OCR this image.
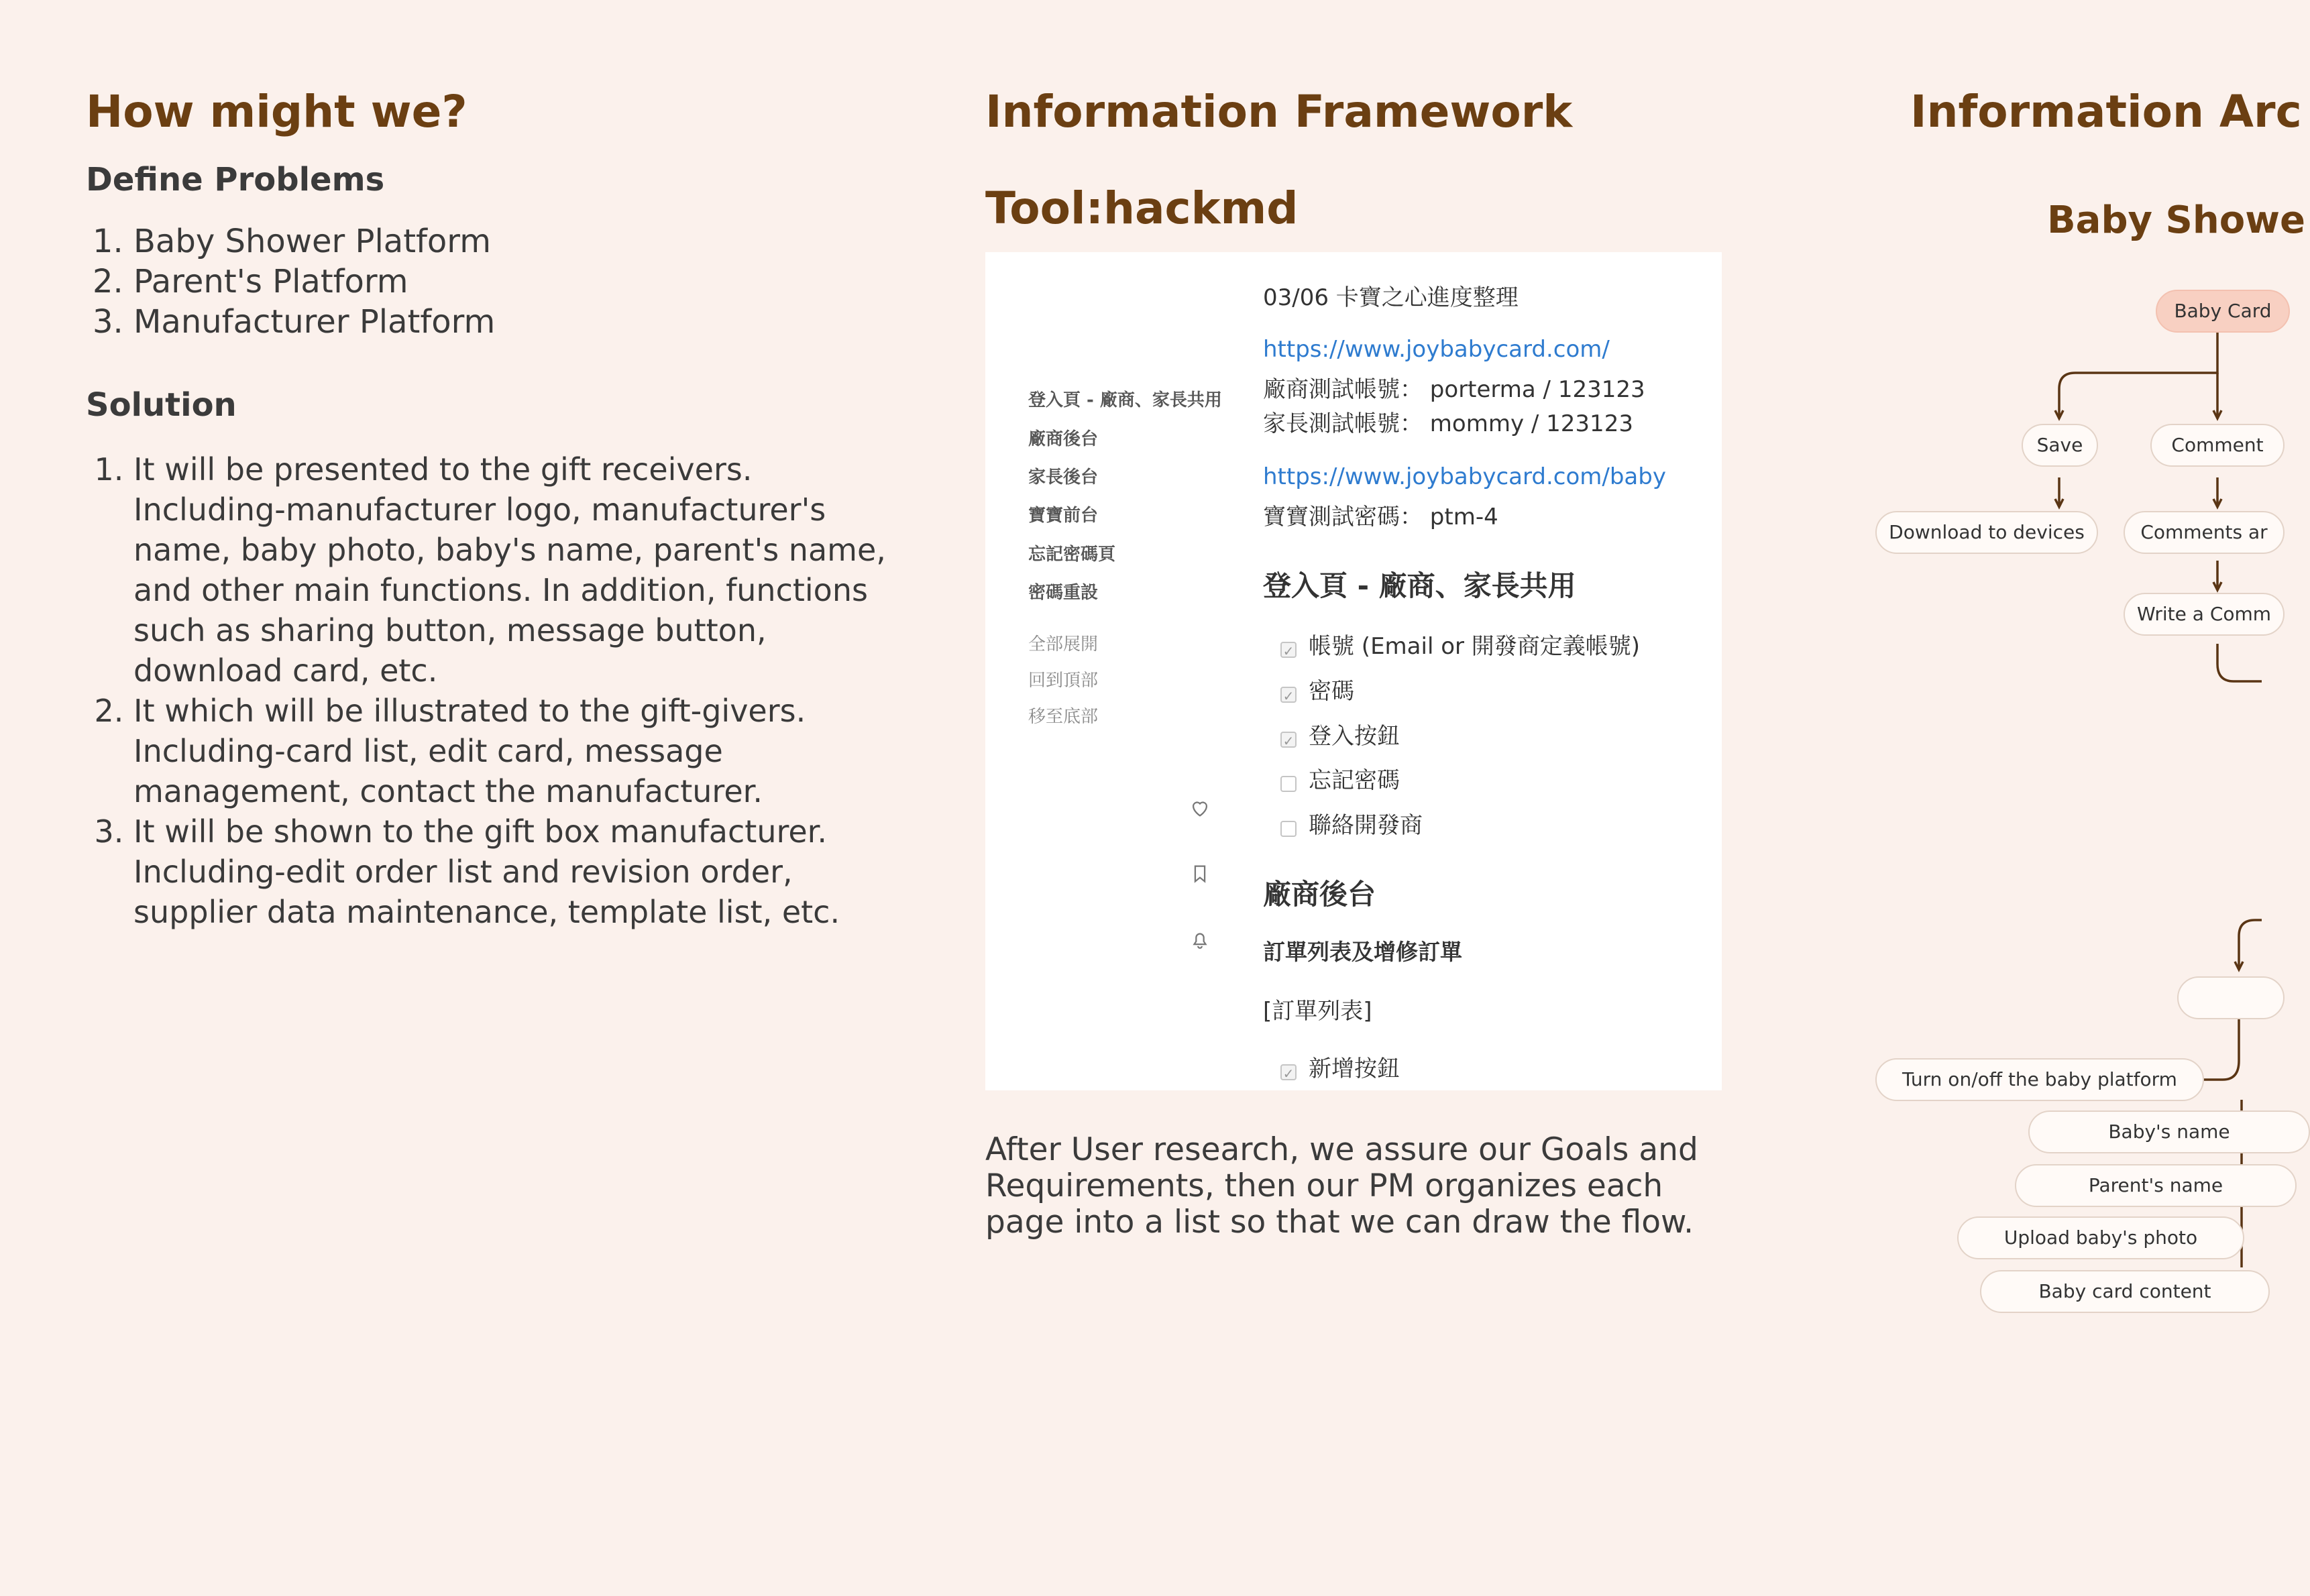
How might we?
Define Problems
1. Baby Shower Platform
2. Parent's Platform
3. Manufacturer Platform
Solution
1. It will be presented to the gift receivers. Including-manufacturer logo, manufacturer's name, baby photo, baby's name, parent's name, and other main functions. In addition, functions such as sharing button, message button, download card, etc.
2. It which will be illustrated to the gift-givers. Including-card list, edit card, message management, contact the manufacturer.
3. It will be shown to the gift box manufacturer. Including-edit order list and revision order, supplier data maintenance, template list, etc.
Information Framework
Tool:hackmd
登入頁 - 廠商、家長共用
廠商後台
家長後台
寶寶前台
忘記密碼頁
密碼重設
全部展開
回到頂部
移至底部
03/06 卡寶之心進度整理
https://www.joybabycard.com/
廠商測試帳號： porterma / 123123
家長測試帳號： mommy / 123123
https://www.joybabycard.com/baby
寶寶測試密碼： ptm-4
登入頁 - 廠商、家長共用
✓ 帳號 (Email or 開發商定義帳號)
✓ 密碼
✓ 登入按鈕
忘記密碼
聯絡開發商
廠商後台
訂單列表及增修訂單
[訂單列表]
✓ 新增按鈕
After User research, we assure our Goals and Requirements, then our PM organizes each page into a list so that we can draw the flow.
Information Arc
Baby Showe
Baby Card
Save	Comment
Download to devices	Comments ar
Write a Comm
Turn on/off the baby platform
Baby's name
Parent's name
Upload baby's photo
Baby card content
